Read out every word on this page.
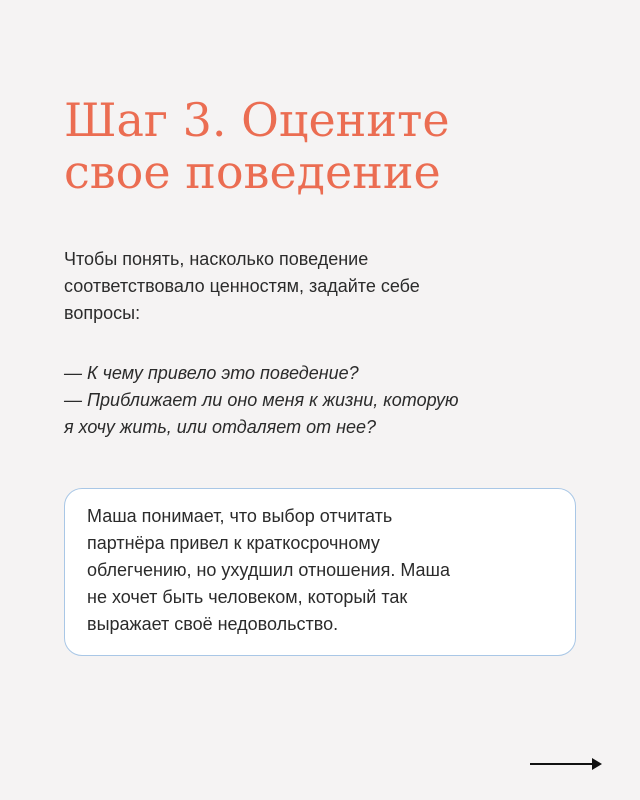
Шаг 3. Оцените
свое поведение
Чтобы понять, насколько поведение
соответствовало ценностям, задайте себе
вопросы:
— К чему привело это поведение?
— Приближает ли оно меня к жизни, которую
я хочу жить, или отдаляет от нее?
Маша понимает, что выбор отчитать
партнёра привел к краткосрочному
облегчению, но ухудшил отношения. Маша
не хочет быть человеком, который так
выражает своё недовольство.
